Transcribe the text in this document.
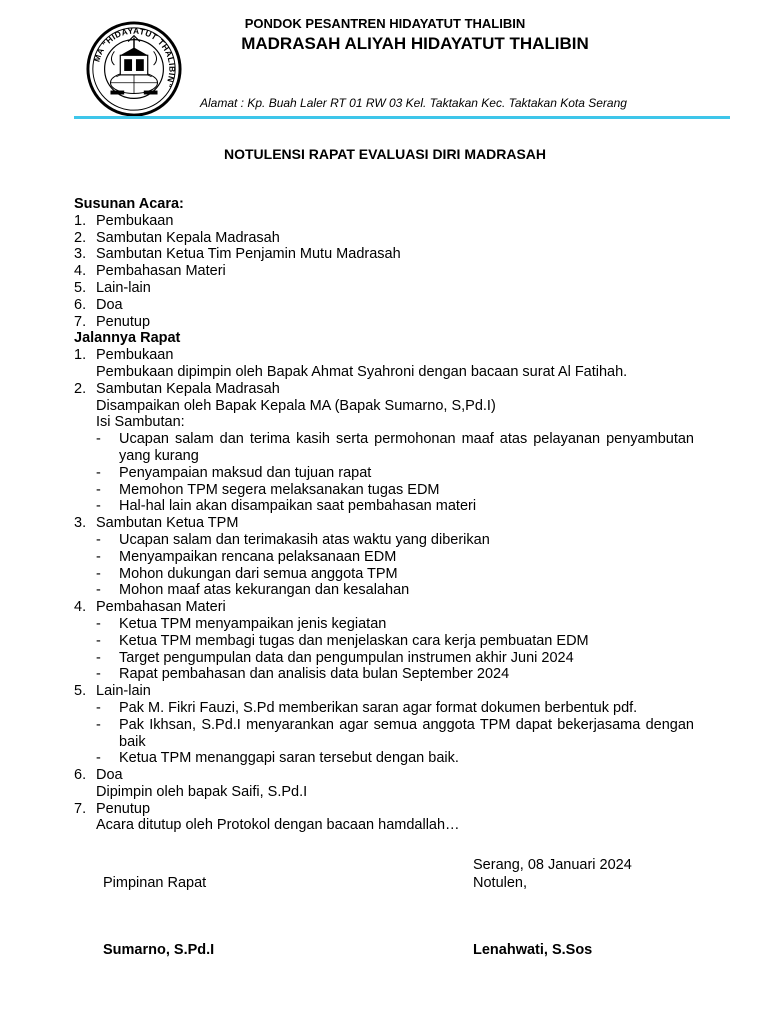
MA "HIDAYATUT THALIBIN"
PONDOK PESANTREN HIDAYATUT THALIBIN
MADRASAH ALIYAH HIDAYATUT THALIBIN
Alamat : Kp. Buah Laler RT 01 RW 03 Kel. Taktakan Kec. Taktakan Kota Serang
NOTULENSI RAPAT EVALUASI DIRI MADRASAH
Susunan Acara:
1. Pembukaan
2. Sambutan Kepala Madrasah
3. Sambutan Ketua Tim Penjamin Mutu Madrasah
4. Pembahasan Materi
5. Lain-lain
6. Doa
7. Penutup
Jalannya Rapat
1. Pembukaan
Pembukaan dipimpin oleh Bapak Ahmat Syahroni dengan bacaan surat Al Fatihah.
2. Sambutan Kepala Madrasah
Disampaikan oleh Bapak Kepala MA (Bapak Sumarno, S,Pd.I)
Isi Sambutan:
- Ucapan salam dan terima kasih serta permohonan maaf atas pelayanan penyambutan yang kurang
- Penyampaian maksud dan tujuan rapat
- Memohon TPM segera melaksanakan tugas EDM
- Hal-hal lain akan disampaikan saat pembahasan materi
3. Sambutan Ketua TPM
- Ucapan salam dan terimakasih atas waktu yang diberikan
- Menyampaikan rencana pelaksanaan EDM
- Mohon dukungan dari semua anggota TPM
- Mohon maaf atas kekurangan dan kesalahan
4. Pembahasan Materi
- Ketua TPM menyampaikan jenis kegiatan
- Ketua TPM membagi tugas dan menjelaskan cara kerja pembuatan EDM
- Target pengumpulan data dan pengumpulan instrumen akhir Juni 2024
- Rapat pembahasan dan analisis data bulan September 2024
5. Lain-lain
- Pak M. Fikri Fauzi, S.Pd memberikan saran agar format dokumen berbentuk pdf.
- Pak Ikhsan, S.Pd.I menyarankan agar semua anggota TPM dapat bekerjasama dengan baik
- Ketua TPM menanggapi saran tersebut dengan baik.
6. Doa
Dipimpin oleh bapak Saifi, S.Pd.I
7. Penutup
Acara ditutup oleh Protokol dengan bacaan hamdallah…
Serang, 08 Januari 2024
Pimpinan Rapat	Notulen,
Sumarno, S.Pd.I	Lenahwati, S.Sos
